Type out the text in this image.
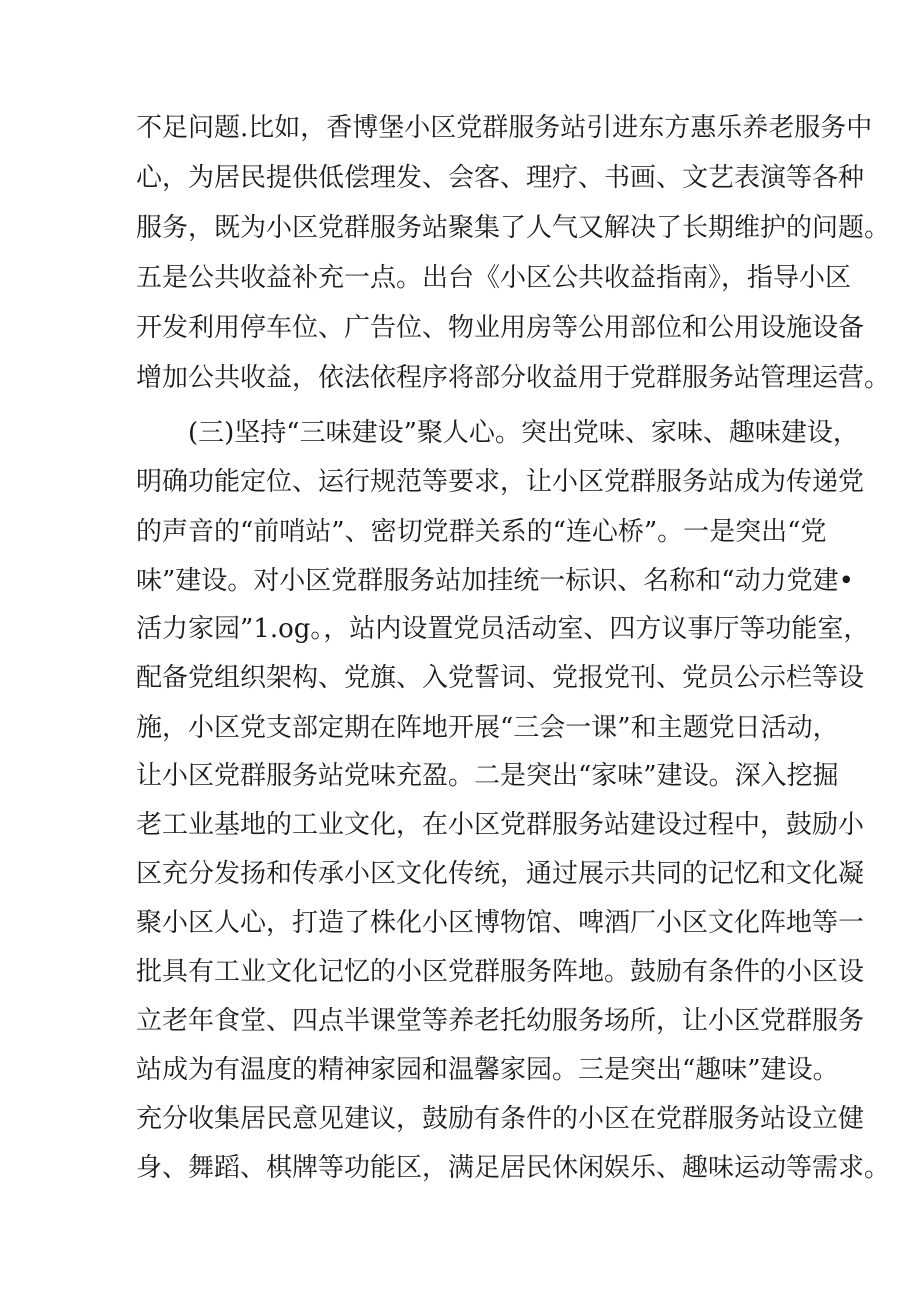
不足问题.比如，香博堡小区党群服务站引进东方惠乐养老服务中
心，为居民提供低偿理发、会客、理疗、书画、文艺表演等各种
服务，既为小区党群服务站聚集了人气又解决了长期维护的问题。
五是公共收益补充一点。出台《小区公共收益指南》，指导小区
开发利用停车位、广告位、物业用房等公用部位和公用设施设备
增加公共收益，依法依程序将部分收益用于党群服务站管理运营。
(三)坚持“三味建设”聚人心。突出党味、家味、趣味建设，
明确功能定位、运行规范等要求，让小区党群服务站成为传递党
的声音的“前哨站”、密切党群关系的“连心桥”。一是突出“党
味”建设。对小区党群服务站加挂统一标识、名称和“动力党建•
活力家园”1.og。，站内设置党员活动室、四方议事厅等功能室，
配备党组织架构、党旗、入党誓词、党报党刊、党员公示栏等设
施，小区党支部定期在阵地开展“三会一课”和主题党日活动，
让小区党群服务站党味充盈。二是突出“家味”建设。深入挖掘
老工业基地的工业文化，在小区党群服务站建设过程中，鼓励小
区充分发扬和传承小区文化传统，通过展示共同的记忆和文化凝
聚小区人心，打造了株化小区博物馆、啤酒厂小区文化阵地等一
批具有工业文化记忆的小区党群服务阵地。鼓励有条件的小区设
立老年食堂、四点半课堂等养老托幼服务场所，让小区党群服务
站成为有温度的精神家园和温馨家园。三是突出“趣味”建设。
充分收集居民意见建议，鼓励有条件的小区在党群服务站设立健
身、舞蹈、棋牌等功能区，满足居民休闲娱乐、趣味运动等需求。
